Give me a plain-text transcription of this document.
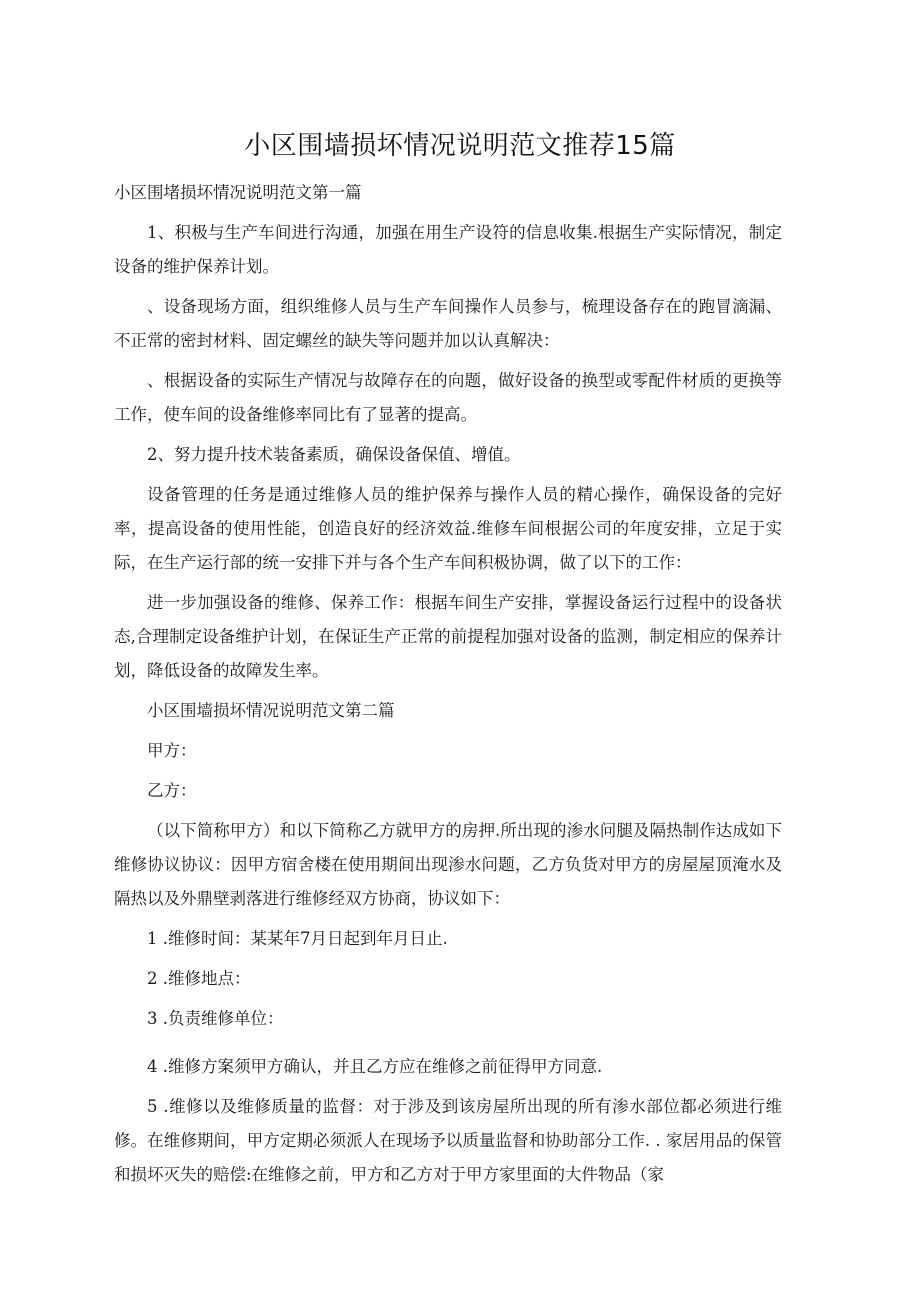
小区围墙损坏情况说明范文推荐15篇

小区围堵损坏情况说明范文第一篇

1、积极与生产车间进行沟通，加强在用生产设符的信息收集.根据生产实际情况，制定设备的维护保养计划。

、设备现场方面，组织维修人员与生产车间操作人员参与，梳理设备存在的跑冒滴漏、不正常的密封材料、固定螺丝的缺失等问题并加以认真解决：

、根据设备的实际生产情况与故障存在的向题，做好设备的换型或零配件材质的更换等工作，使车间的设备维修率同比有了显著的提高。

2、努力提升技术装备素质，确保设备保值、增值。

设备管理的任务是通过维修人员的维护保养与操作人员的精心操作，确保设备的完好率，提高设备的使用性能，创造良好的经济效益.维修车间根据公司的年度安排，立足于实际，在生产运行部的统一安排下并与各个生产车间积极协调，做了以下的工作：

进一步加强设备的维修、保养工作：根据车间生产安排，掌握设备运行过程中的设备状态,合理制定设备维护计划，在保证生产正常的前提程加强对设备的监测，制定相应的保养计划，降低设备的故障发生率。

小区围墙损坏情况说明范文第二篇

甲方：

乙方：

（以下简称甲方）和以下简称乙方就甲方的房押.所出现的渗水问腿及隔热制作达成如下维修协议协议：因甲方宿舍楼在使用期间出现渗水问题，乙方负货对甲方的房屋屋顶淹水及隔热以及外鼎壁剥落进行维修经双方协商，协议如下：

1 .维修时间：某某年7月日起到年月日止.

2 .维修地点：

3 .负责维修单位：

4 .维修方案须甲方确认，并且乙方应在维修之前征得甲方同意.

5 .维修以及维修质量的监督：对于涉及到该房屋所出现的所有渗水部位都必须进行维修。在维修期间，甲方定期必须派人在现场予以质量监督和协助部分工作. . 家居用品的保管和损坏灭失的赔偿:在维修之前，甲方和乙方对于甲方家里面的大件物品（家
